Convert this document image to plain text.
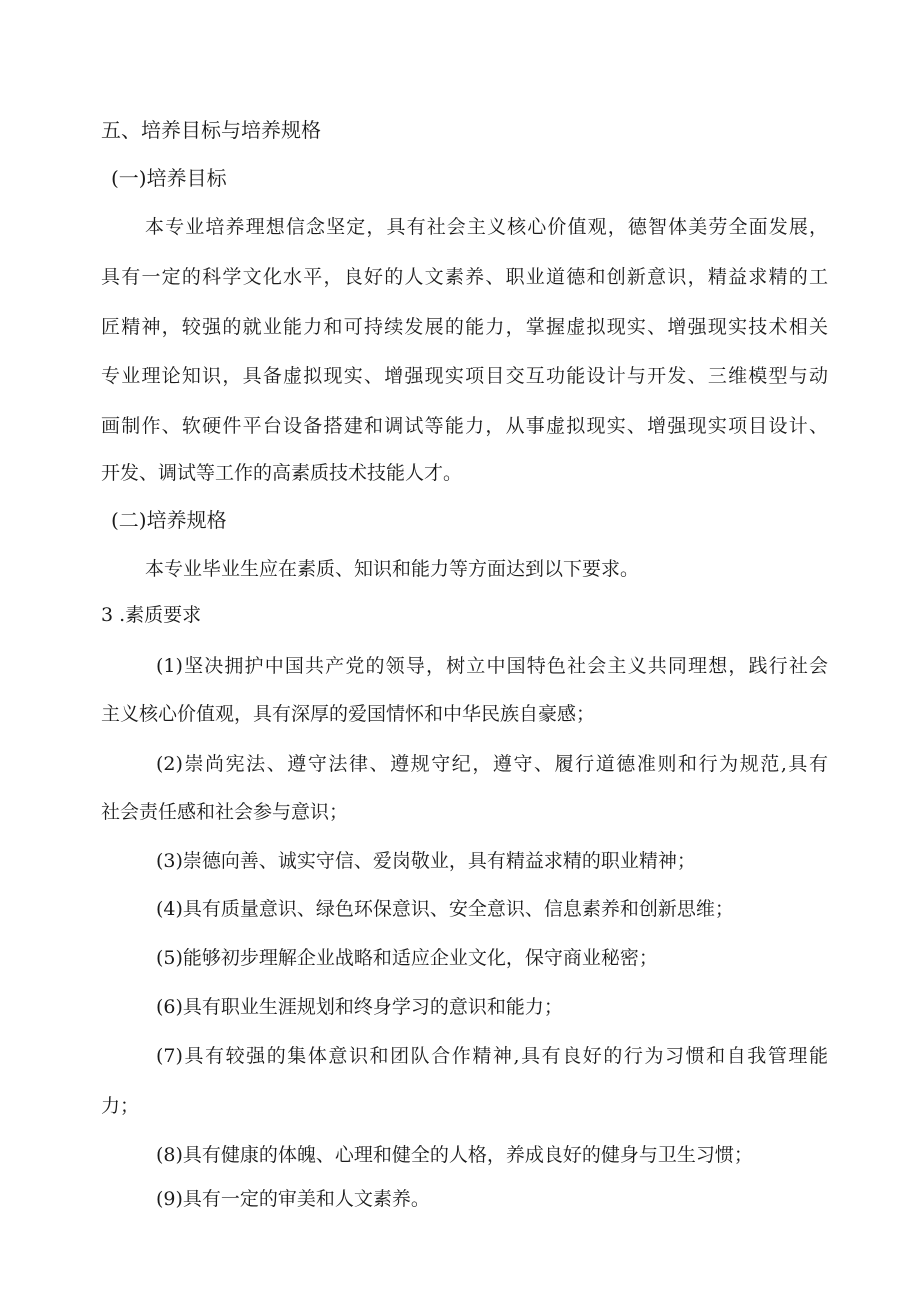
五、培养目标与培养规格
(一)培养目标
本专业培养理想信念坚定，具有社会主义核心价值观，德智体美劳全面发展，
具有一定的科学文化水平，良好的人文素养、职业道德和创新意识，精益求精的工
匠精神，较强的就业能力和可持续发展的能力，掌握虚拟现实、增强现实技术相关
专业理论知识，具备虚拟现实、增强现实项目交互功能设计与开发、三维模型与动
画制作、软硬件平台设备搭建和调试等能力，从事虚拟现实、增强现实项目设计、
开发、调试等工作的高素质技术技能人才。
(二)培养规格
本专业毕业生应在素质、知识和能力等方面达到以下要求。
3 .素质要求
(1)坚决拥护中国共产党的领导，树立中国特色社会主义共同理想，践行社会
主义核心价值观，具有深厚的爱国情怀和中华民族自豪感；
(2)崇尚宪法、遵守法律、遵规守纪，遵守、履行道德准则和行为规范,具有
社会责任感和社会参与意识；
(3)崇德向善、诚实守信、爱岗敬业，具有精益求精的职业精神；
(4)具有质量意识、绿色环保意识、安全意识、信息素养和创新思维；
(5)能够初步理解企业战略和适应企业文化，保守商业秘密；
(6)具有职业生涯规划和终身学习的意识和能力；
(7)具有较强的集体意识和团队合作精神,具有良好的行为习惯和自我管理能
力；
(8)具有健康的体魄、心理和健全的人格，养成良好的健身与卫生习惯；
(9)具有一定的审美和人文素养。
